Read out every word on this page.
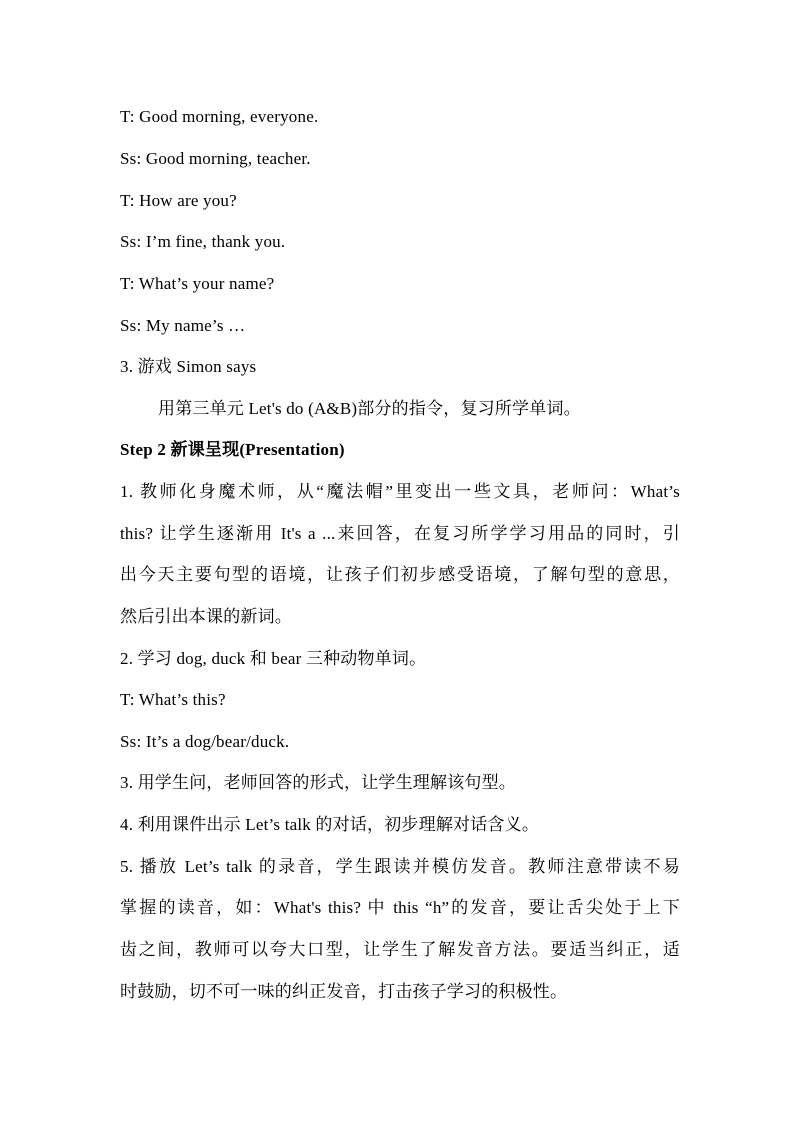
T: Good morning, everyone.
Ss: Good morning, teacher.
T: How are you?
Ss: I’m fine, thank you.
T: What’s your name?
Ss: My name’s …
3. 游戏 Simon says
用第三单元 Let's do (A&B)部分的指令，复习所学单词。
Step 2 新课呈现(Presentation)
1. 教师化身魔术师，从“魔法帽”里变出一些文具，老师问：What’s
this? 让学生逐渐用 It's a ...来回答，在复习所学学习用品的同时，引
出今天主要句型的语境，让孩子们初步感受语境，了解句型的意思，
然后引出本课的新词。
2. 学习 dog, duck 和 bear 三种动物单词。
T: What’s this?
Ss: It’s a dog/bear/duck.
3. 用学生问，老师回答的形式，让学生理解该句型。
4. 利用课件出示 Let’s talk 的对话，初步理解对话含义。
5. 播放 Let’s talk 的录音，学生跟读并模仿发音。教师注意带读不易
掌握的读音，如：What's this? 中 this “h”的发音，要让舌尖处于上下
齿之间，教师可以夸大口型，让学生了解发音方法。要适当纠正，适
时鼓励，切不可一味的纠正发音，打击孩子学习的积极性。
